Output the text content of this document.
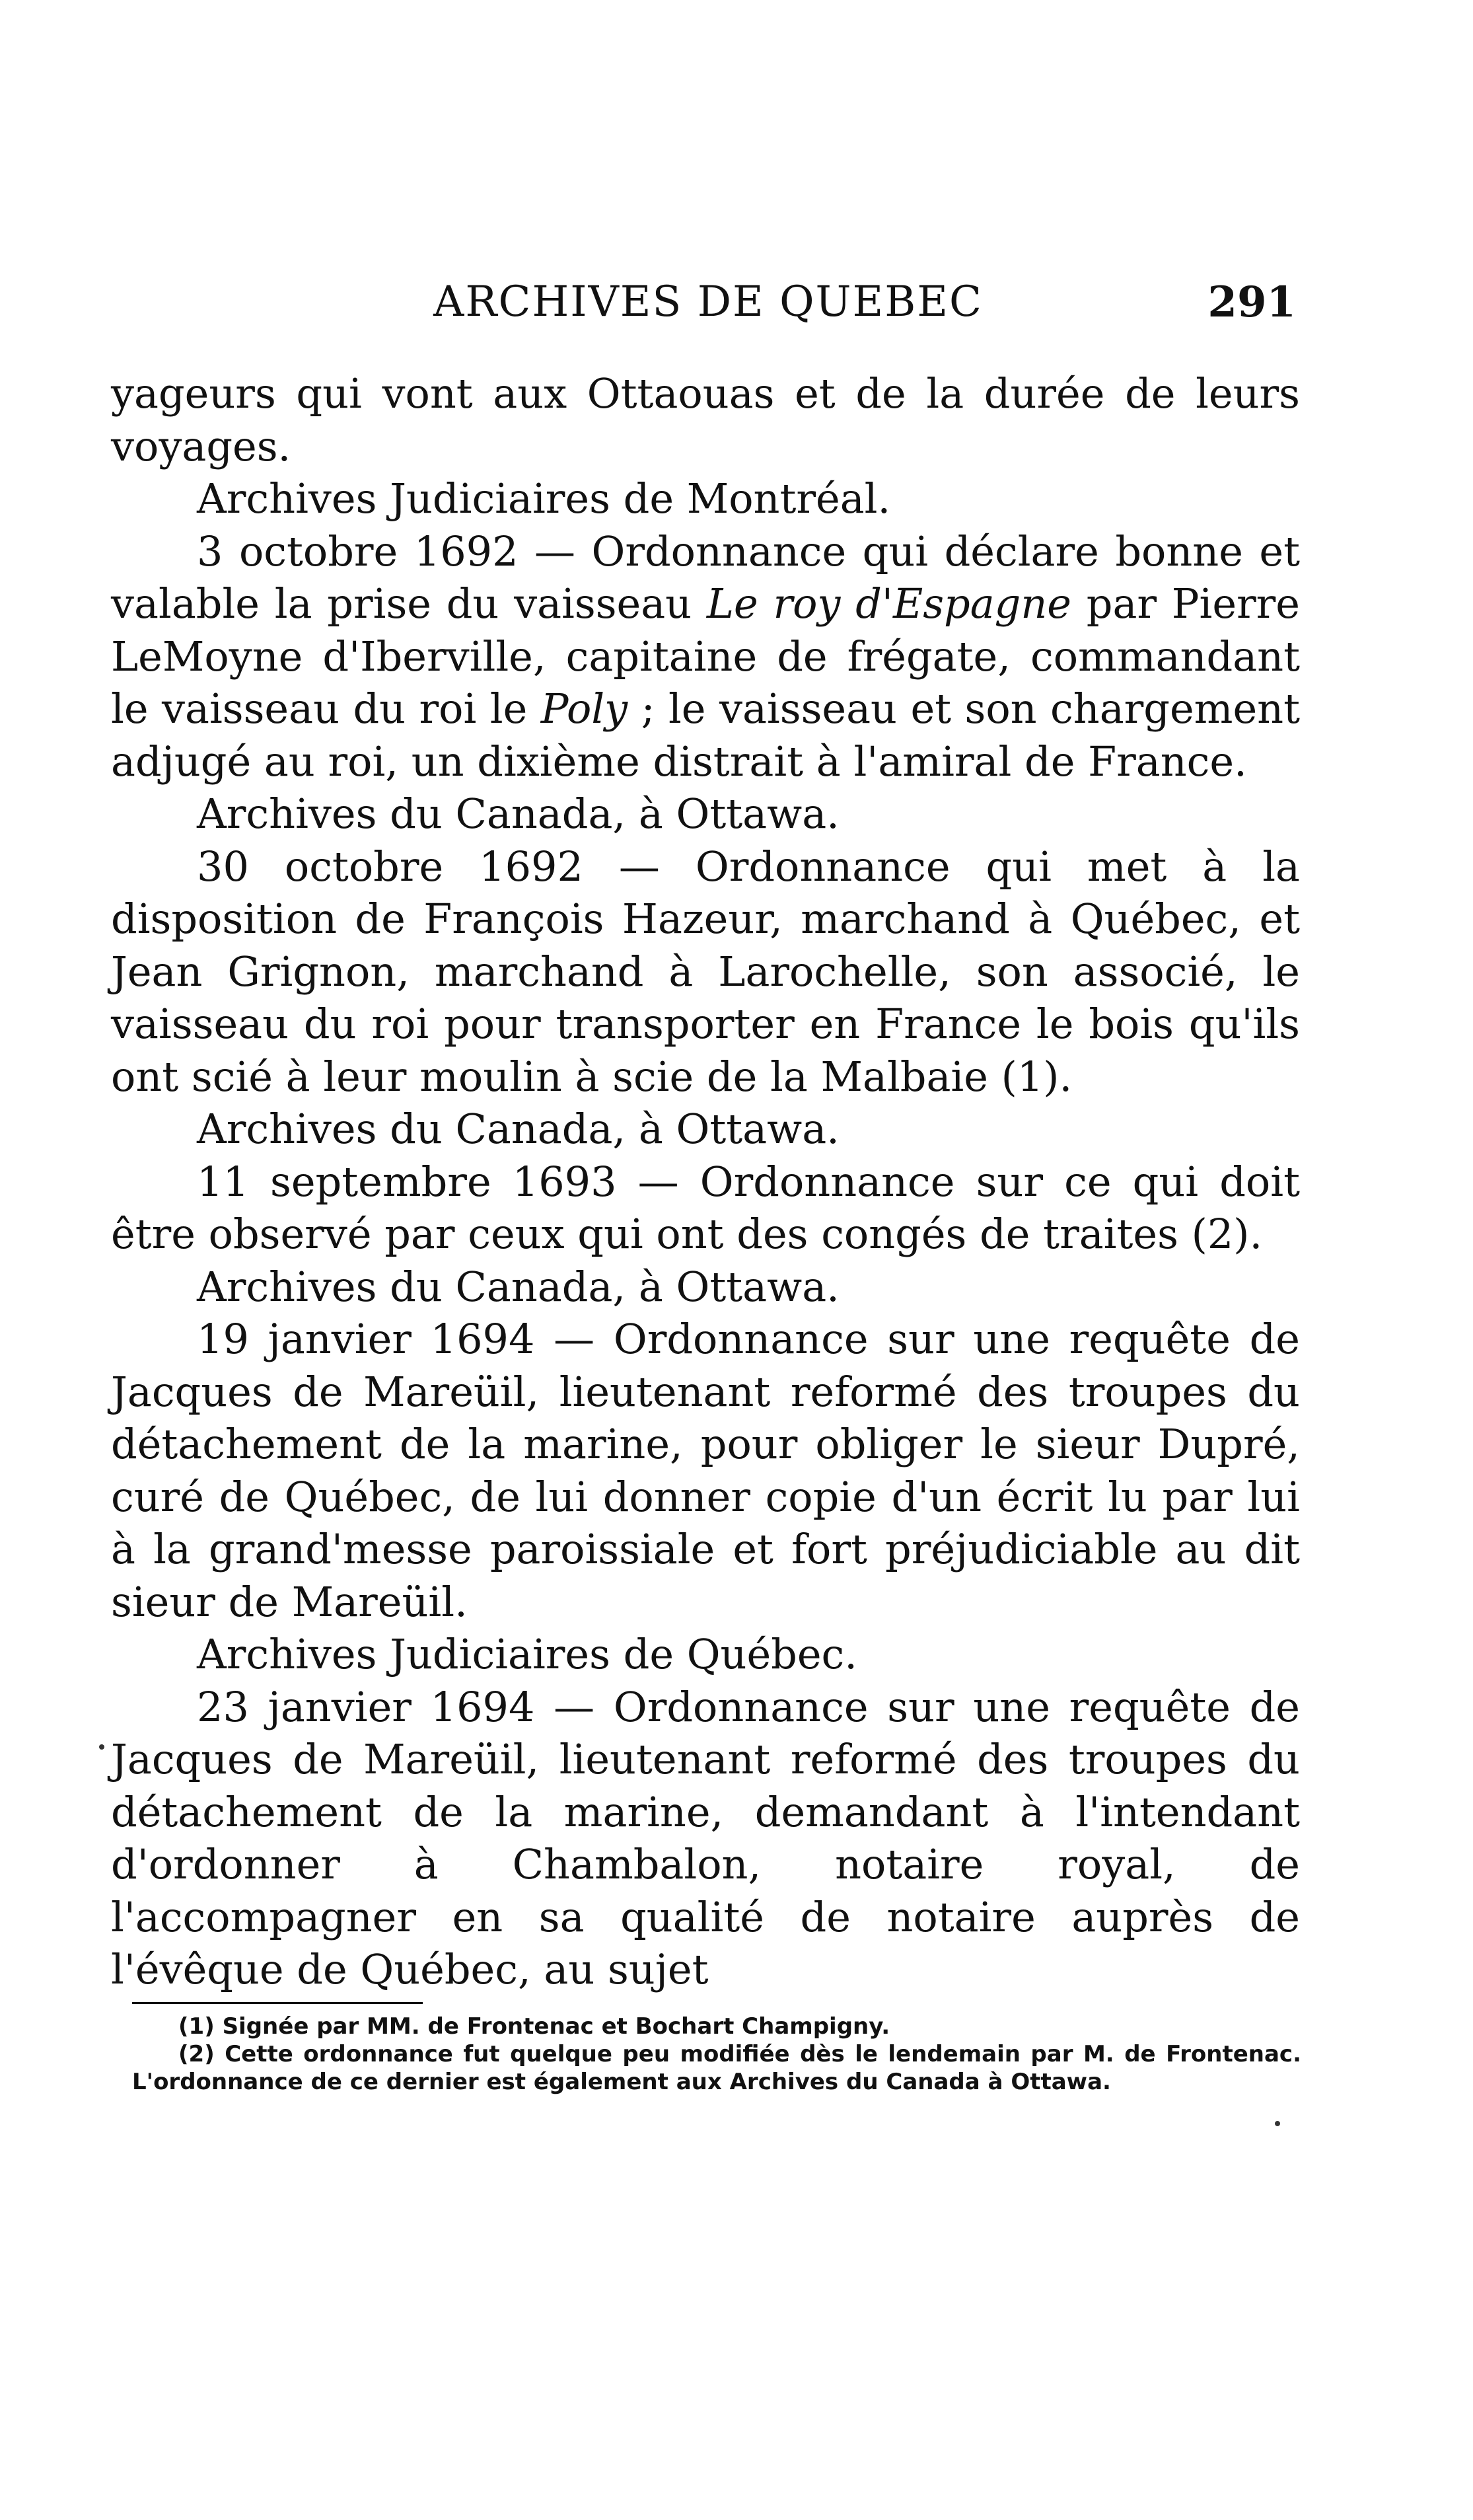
ARCHIVES DE QUEBEC	291

yageurs qui vont aux Ottaouas et de la durée de leurs voyages.

Archives Judiciaires de Montréal.

3 octobre 1692 — Ordonnance qui déclare bonne et valable la prise du vaisseau Le roy d'Espagne par Pierre LeMoyne d'Iberville, capitaine de frégate, commandant le vaisseau du roi le Poly ; le vaisseau et son chargement adjugé au roi, un dixième distrait à l'amiral de France.

Archives du Canada, à Ottawa.

30 octobre 1692 — Ordonnance qui met à la disposition de François Hazeur, marchand à Québec, et Jean Grignon, marchand à Larochelle, son associé, le vaisseau du roi pour transporter en France le bois qu'ils ont scié à leur moulin à scie de la Malbaie (1).

Archives du Canada, à Ottawa.

11 septembre 1693 — Ordonnance sur ce qui doit être observé par ceux qui ont des congés de traites (2).

Archives du Canada, à Ottawa.

19 janvier 1694 — Ordonnance sur une requête de Jacques de Mareüil, lieutenant reformé des troupes du détachement de la marine, pour obliger le sieur Dupré, curé de Québec, de lui donner copie d'un écrit lu par lui à la grand'messe paroissiale et fort préjudiciable au dit sieur de Mareüil.

Archives Judiciaires de Québec.

23 janvier 1694 — Ordonnance sur une requête de Jacques de Mareüil, lieutenant reformé des troupes du détachement de la marine, demandant à l'intendant d'ordonner à Chambalon, notaire royal, de l'accompagner en sa qualité de notaire auprès de l'évêque de Québec, au sujet

(1) Signée par MM. de Frontenac et Bochart Champigny.

(2) Cette ordonnance fut quelque peu modifiée dès le lendemain par M. de Frontenac. L'ordonnance de ce dernier est également aux Archives du Canada à Ottawa.
